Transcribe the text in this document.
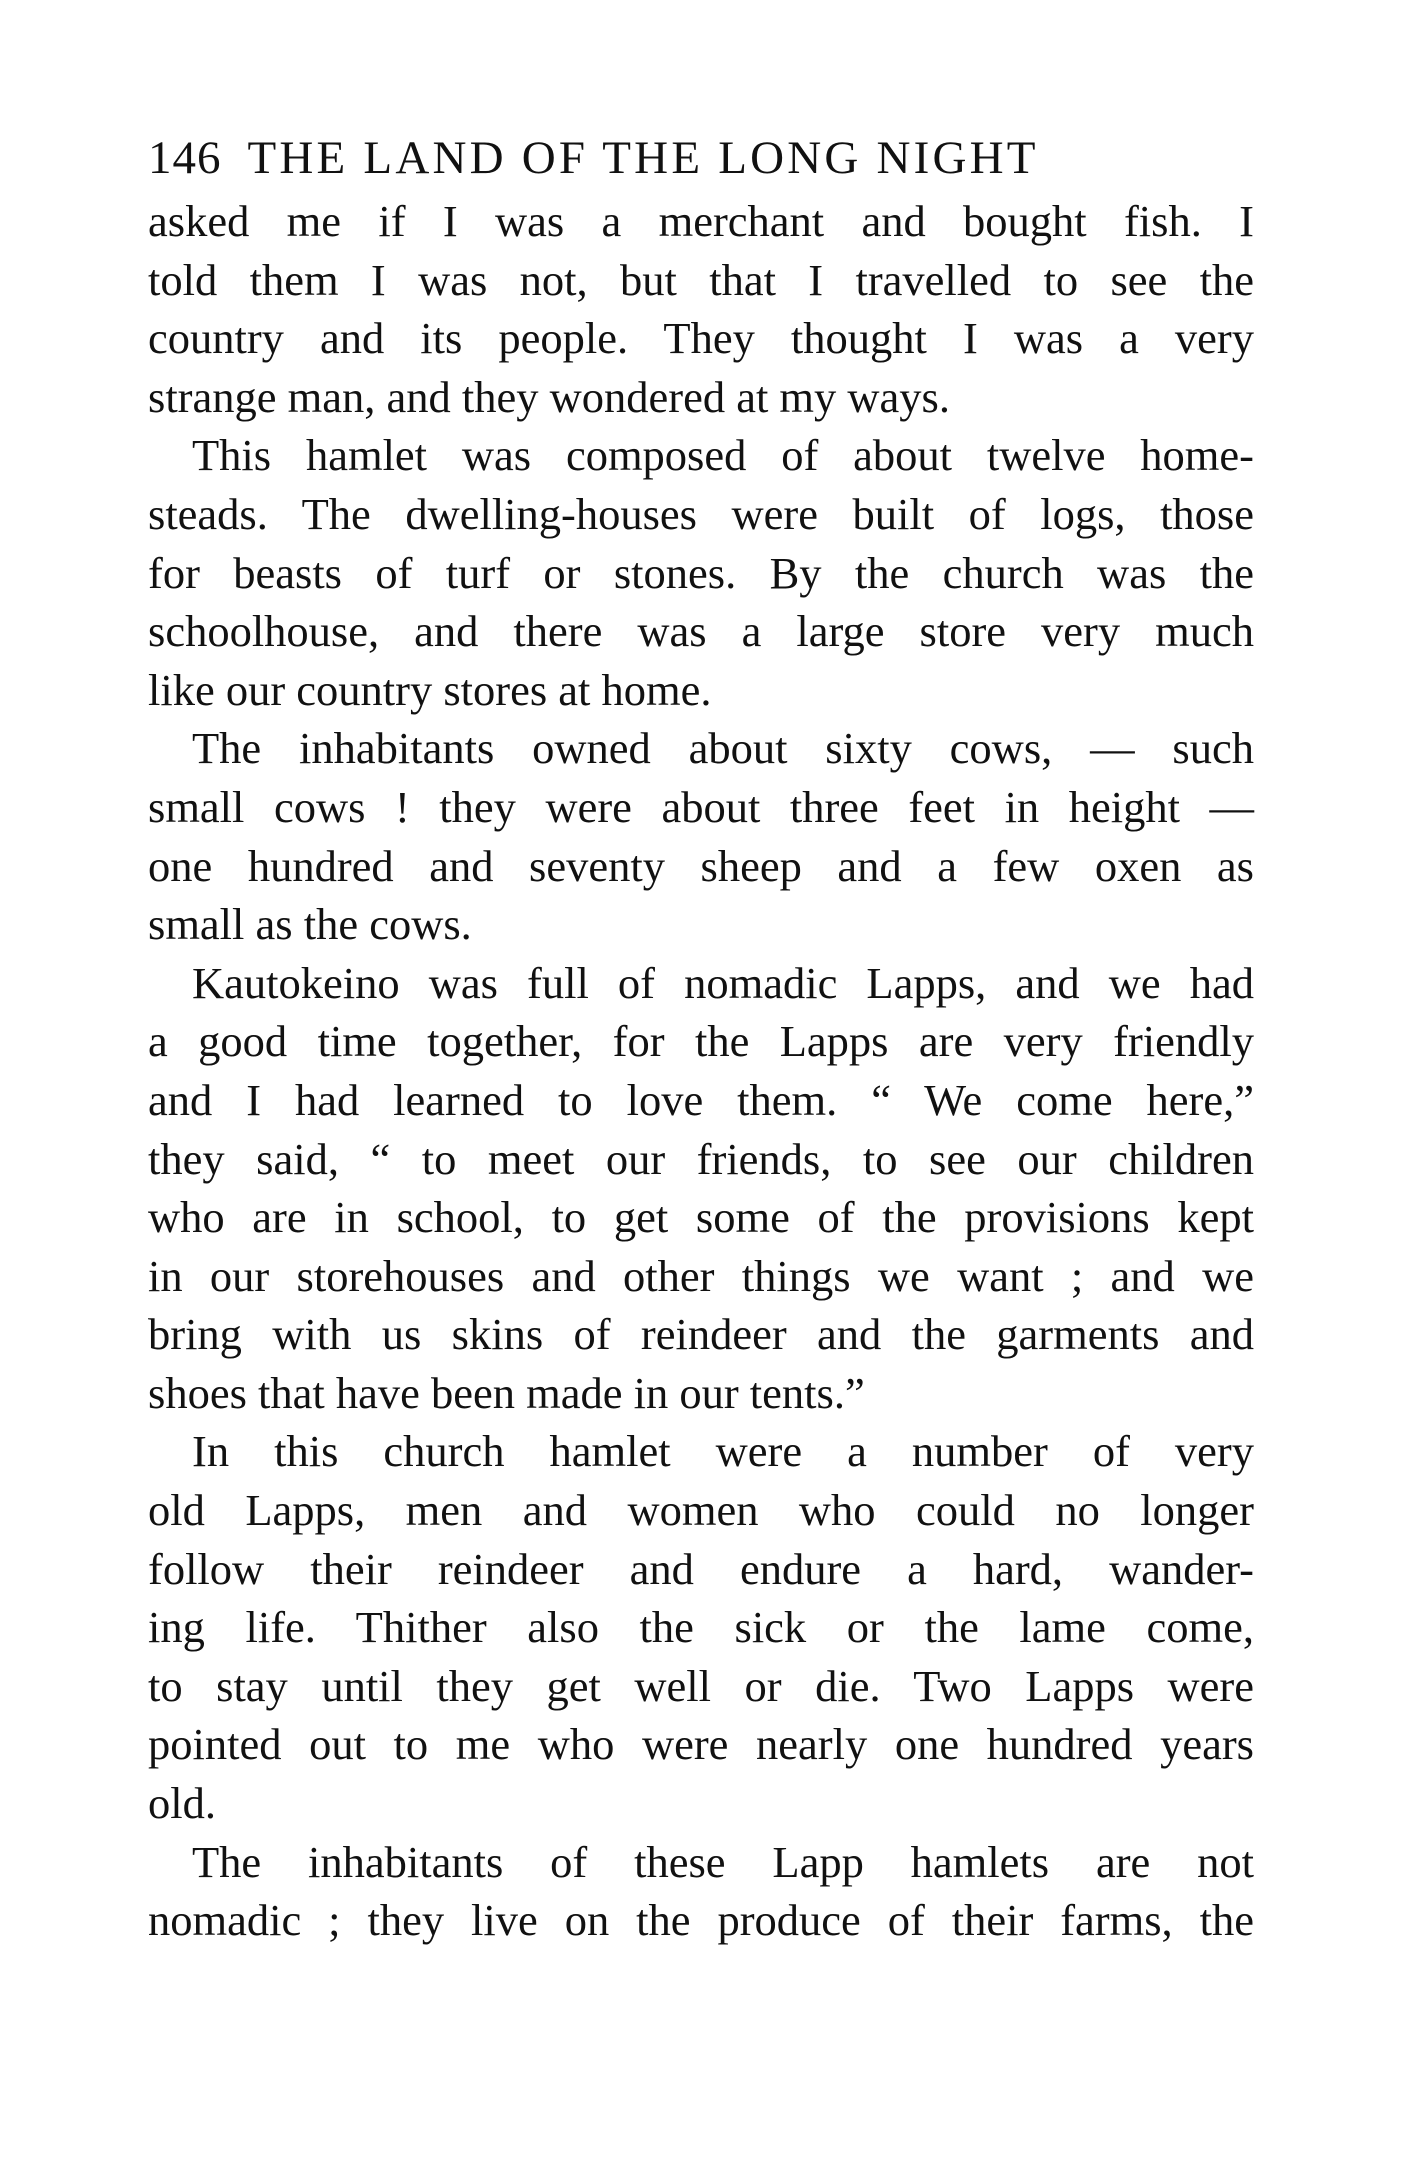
146 THE LAND OF THE LONG NIGHT

asked me if I was a merchant and bought fish. I
told them I was not, but that I travelled to see the
country and its people. They thought I was a very
strange man, and they wondered at my ways.

This hamlet was composed of about twelve home-
steads. The dwelling-houses were built of logs, those
for beasts of turf or stones. By the church was the
schoolhouse, and there was a large store very much
like our country stores at home.

The inhabitants owned about sixty cows, — such
small cows ! they were about three feet in height —
one hundred and seventy sheep and a few oxen as
small as the cows.

Kautokeino was full of nomadic Lapps, and we had
a good time together, for the Lapps are very friendly
and I had learned to love them. “ We come here,”
they said, “ to meet our friends, to see our children
who are in school, to get some of the provisions kept
in our storehouses and other things we want ; and we
bring with us skins of reindeer and the garments and
shoes that have been made in our tents.”

In this church hamlet were a number of very
old Lapps, men and women who could no longer
follow their reindeer and endure a hard, wander-
ing life. Thither also the sick or the lame come,
to stay until they get well or die. Two Lapps were
pointed out to me who were nearly one hundred years
old.

The inhabitants of these Lapp hamlets are not
nomadic ; they live on the produce of their farms, the
